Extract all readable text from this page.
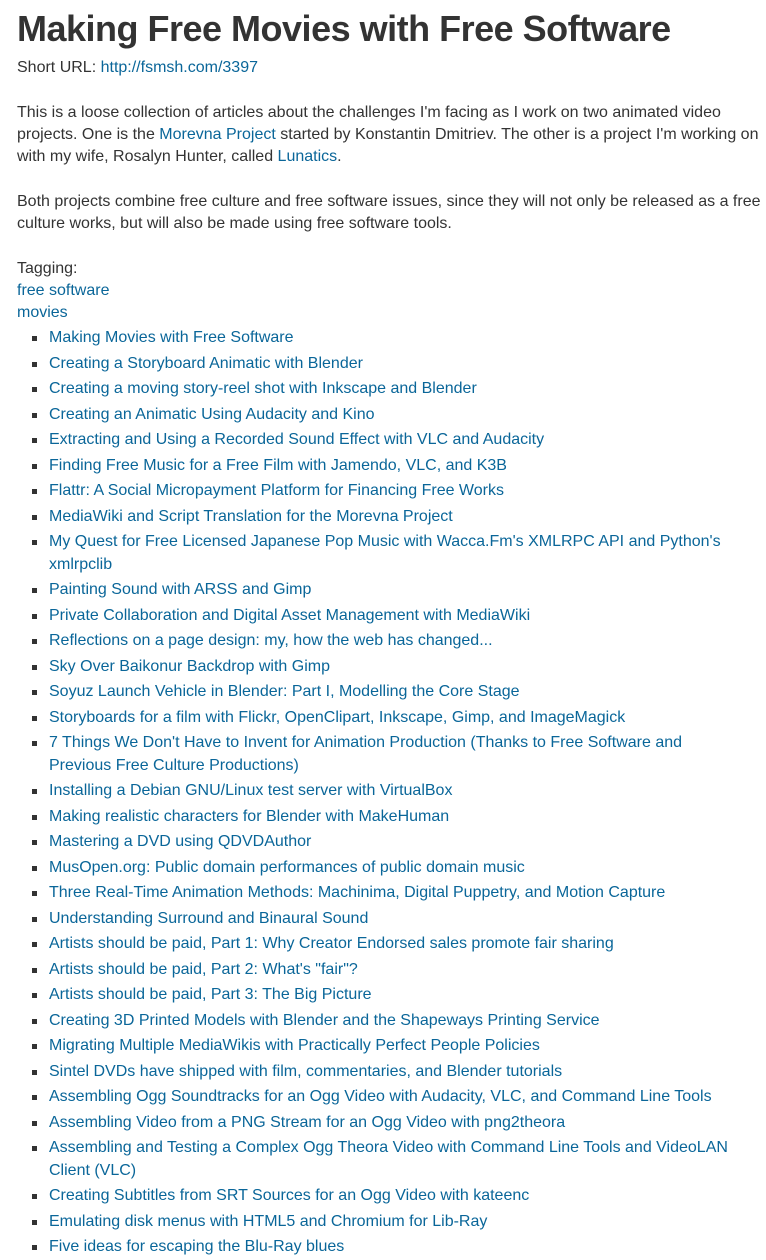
Making Free Movies with Free Software
Short URL: http://fsmsh.com/3397

This is a loose collection of articles about the challenges I'm facing as I work on two animated video projects. One is the Morevna Project started by Konstantin Dmitriev. The other is a project I'm working on with my wife, Rosalyn Hunter, called Lunatics.

Both projects combine free culture and free software issues, since they will not only be released as a free culture works, but will also be made using free software tools.

Tagging:
free software
movies
Making Movies with Free Software
Creating a Storyboard Animatic with Blender
Creating a moving story-reel shot with Inkscape and Blender
Creating an Animatic Using Audacity and Kino
Extracting and Using a Recorded Sound Effect with VLC and Audacity
Finding Free Music for a Free Film with Jamendo, VLC, and K3B
Flattr: A Social Micropayment Platform for Financing Free Works
MediaWiki and Script Translation for the Morevna Project
My Quest for Free Licensed Japanese Pop Music with Wacca.Fm's XMLRPC API and Python's xmlrpclib
Painting Sound with ARSS and Gimp
Private Collaboration and Digital Asset Management with MediaWiki
Reflections on a page design: my, how the web has changed...
Sky Over Baikonur Backdrop with Gimp
Soyuz Launch Vehicle in Blender: Part I, Modelling the Core Stage
Storyboards for a film with Flickr, OpenClipart, Inkscape, Gimp, and ImageMagick
7 Things We Don't Have to Invent for Animation Production (Thanks to Free Software and Previous Free Culture Productions)
Installing a Debian GNU/Linux test server with VirtualBox
Making realistic characters for Blender with MakeHuman
Mastering a DVD using QDVDAuthor
MusOpen.org: Public domain performances of public domain music
Three Real-Time Animation Methods: Machinima, Digital Puppetry, and Motion Capture
Understanding Surround and Binaural Sound
Artists should be paid, Part 1: Why Creator Endorsed sales promote fair sharing
Artists should be paid, Part 2: What's "fair"?
Artists should be paid, Part 3: The Big Picture
Creating 3D Printed Models with Blender and the Shapeways Printing Service
Migrating Multiple MediaWikis with Practically Perfect People Policies
Sintel DVDs have shipped with film, commentaries, and Blender tutorials
Assembling Ogg Soundtracks for an Ogg Video with Audacity, VLC, and Command Line Tools
Assembling Video from a PNG Stream for an Ogg Video with png2theora
Assembling and Testing a Complex Ogg Theora Video with Command Line Tools and VideoLAN Client (VLC)
Creating Subtitles from SRT Sources for an Ogg Video with kateenc
Emulating disk menus with HTML5 and Chromium for Lib-Ray
Five ideas for escaping the Blu-Ray blues
